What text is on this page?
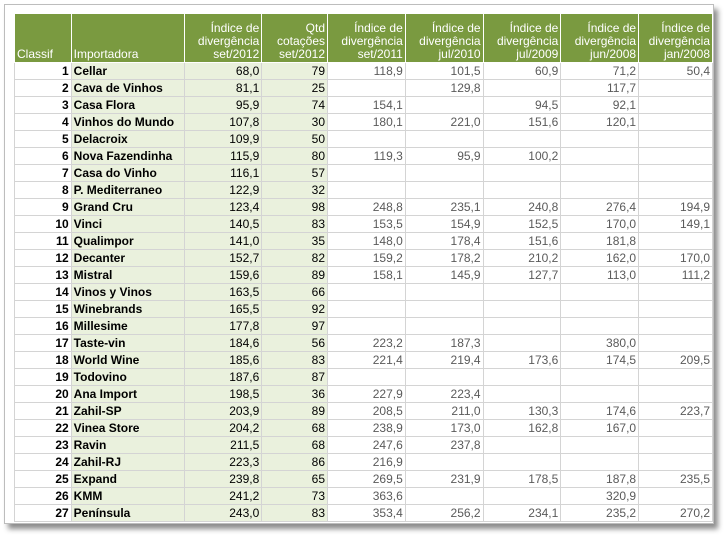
Classif	Importadora	Índice de divergência set/2012	Qtd cotações set/2012	Índice de divergência set/2011	Índice de divergência jul/2010	Índice de divergência jul/2009	Índice de divergência jun/2008	Índice de divergência jan/2008
1	Cellar	68,0	79	118,9	101,5	60,9	71,2	50,4
2	Cava de Vinhos	81,1	25		129,8		117,7	
3	Casa Flora	95,9	74	154,1		94,5	92,1	
4	Vinhos do Mundo	107,8	30	180,1	221,0	151,6	120,1	
5	Delacroix	109,9	50					
6	Nova Fazendinha	115,9	80	119,3	95,9	100,2		
7	Casa do Vinho	116,1	57					
8	P. Mediterraneo	122,9	32					
9	Grand Cru	123,4	98	248,8	235,1	240,8	276,4	194,9
10	Vinci	140,5	83	153,5	154,9	152,5	170,0	149,1
11	Qualimpor	141,0	35	148,0	178,4	151,6	181,8	
12	Decanter	152,7	82	159,2	178,2	210,2	162,0	170,0
13	Mistral	159,6	89	158,1	145,9	127,7	113,0	111,2
14	Vinos y Vinos	163,5	66					
15	Winebrands	165,5	92					
16	Millesime	177,8	97					
17	Taste-vin	184,6	56	223,2	187,3		380,0	
18	World Wine	185,6	83	221,4	219,4	173,6	174,5	209,5
19	Todovino	187,6	87					
20	Ana Import	198,5	36	227,9	223,4			
21	Zahil-SP	203,9	89	208,5	211,0	130,3	174,6	223,7
22	Vinea Store	204,2	68	238,9	173,0	162,8	167,0	
23	Ravin	211,5	68	247,6	237,8			
24	Zahil-RJ	223,3	86	216,9				
25	Expand	239,8	65	269,5	231,9	178,5	187,8	235,5
26	KMM	241,2	73	363,6			320,9	
27	Península	243,0	83	353,4	256,2	234,1	235,2	270,2
